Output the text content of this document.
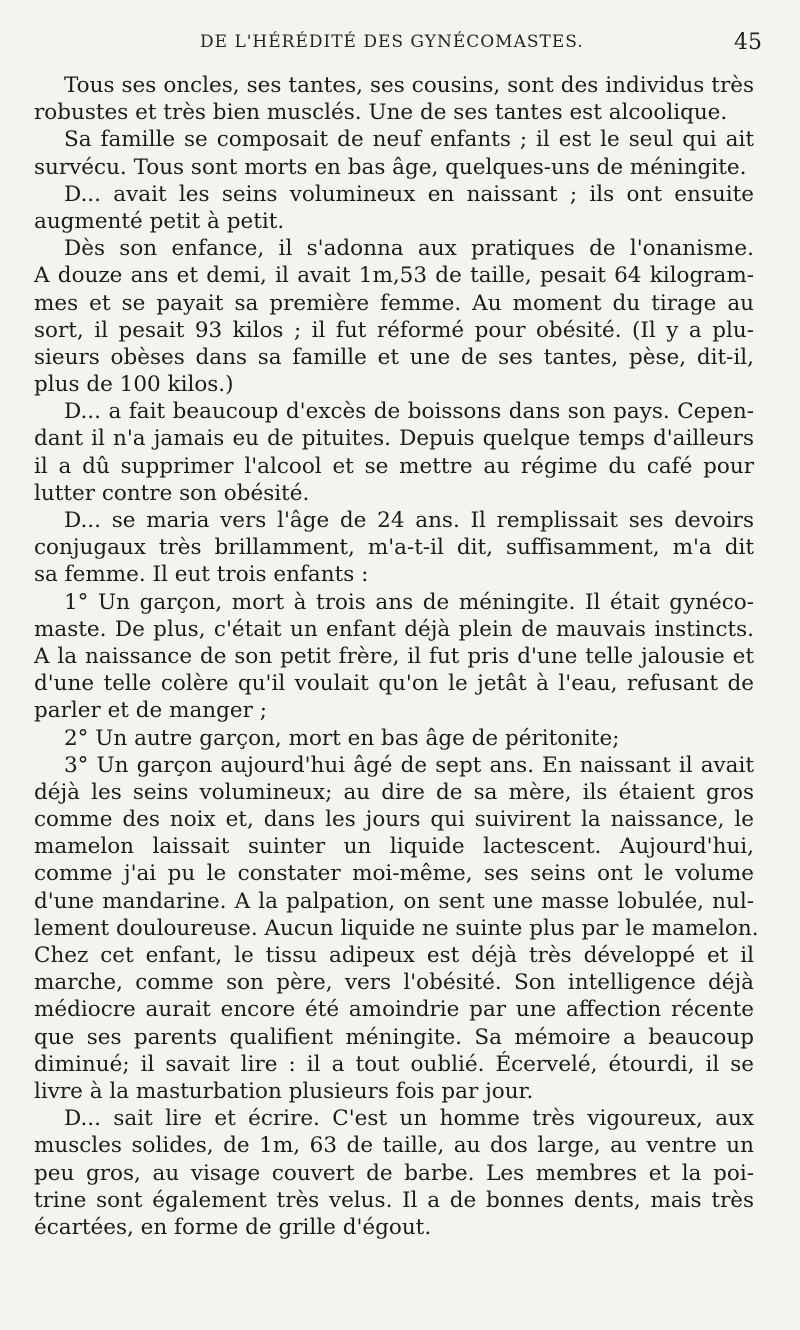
DE L'HÉRÉDITÉ DES GYNÉCOMASTES.	45
Tous ses oncles, ses tantes, ses cousins, sont des individus très
robustes et très bien musclés. Une de ses tantes est alcoolique.
Sa famille se composait de neuf enfants ; il est le seul qui ait
survécu. Tous sont morts en bas âge, quelques-uns de méningite.
D... avait les seins volumineux en naissant ; ils ont ensuite
augmenté petit à petit.
Dès son enfance, il s'adonna aux pratiques de l'onanisme.
A douze ans et demi, il avait 1m,53 de taille, pesait 64 kilogram-
mes et se payait sa première femme. Au moment du tirage au
sort, il pesait 93 kilos ; il fut réformé pour obésité. (Il y a plu-
sieurs obèses dans sa famille et une de ses tantes, pèse, dit-il,
plus de 100 kilos.)
D... a fait beaucoup d'excès de boissons dans son pays. Cepen-
dant il n'a jamais eu de pituites. Depuis quelque temps d'ailleurs
il a dû supprimer l'alcool et se mettre au régime du café pour
lutter contre son obésité.
D... se maria vers l'âge de 24 ans. Il remplissait ses devoirs
conjugaux très brillamment, m'a-t-il dit, suffisamment, m'a dit
sa femme. Il eut trois enfants :
1° Un garçon, mort à trois ans de méningite. Il était gynéco-
maste. De plus, c'était un enfant déjà plein de mauvais instincts.
A la naissance de son petit frère, il fut pris d'une telle jalousie et
d'une telle colère qu'il voulait qu'on le jetât à l'eau, refusant de
parler et de manger ;
2° Un autre garçon, mort en bas âge de péritonite;
3° Un garçon aujourd'hui âgé de sept ans. En naissant il avait
déjà les seins volumineux; au dire de sa mère, ils étaient gros
comme des noix et, dans les jours qui suivirent la naissance, le
mamelon laissait suinter un liquide lactescent. Aujourd'hui,
comme j'ai pu le constater moi-même, ses seins ont le volume
d'une mandarine. A la palpation, on sent une masse lobulée, nul-
lement douloureuse. Aucun liquide ne suinte plus par le mamelon.
Chez cet enfant, le tissu adipeux est déjà très développé et il
marche, comme son père, vers l'obésité. Son intelligence déjà
médiocre aurait encore été amoindrie par une affection récente
que ses parents qualifient méningite. Sa mémoire a beaucoup
diminué; il savait lire : il a tout oublié. Écervelé, étourdi, il se
livre à la masturbation plusieurs fois par jour.
D... sait lire et écrire. C'est un homme très vigoureux, aux
muscles solides, de 1m, 63 de taille, au dos large, au ventre un
peu gros, au visage couvert de barbe. Les membres et la poi-
trine sont également très velus. Il a de bonnes dents, mais très
écartées, en forme de grille d'égout.
